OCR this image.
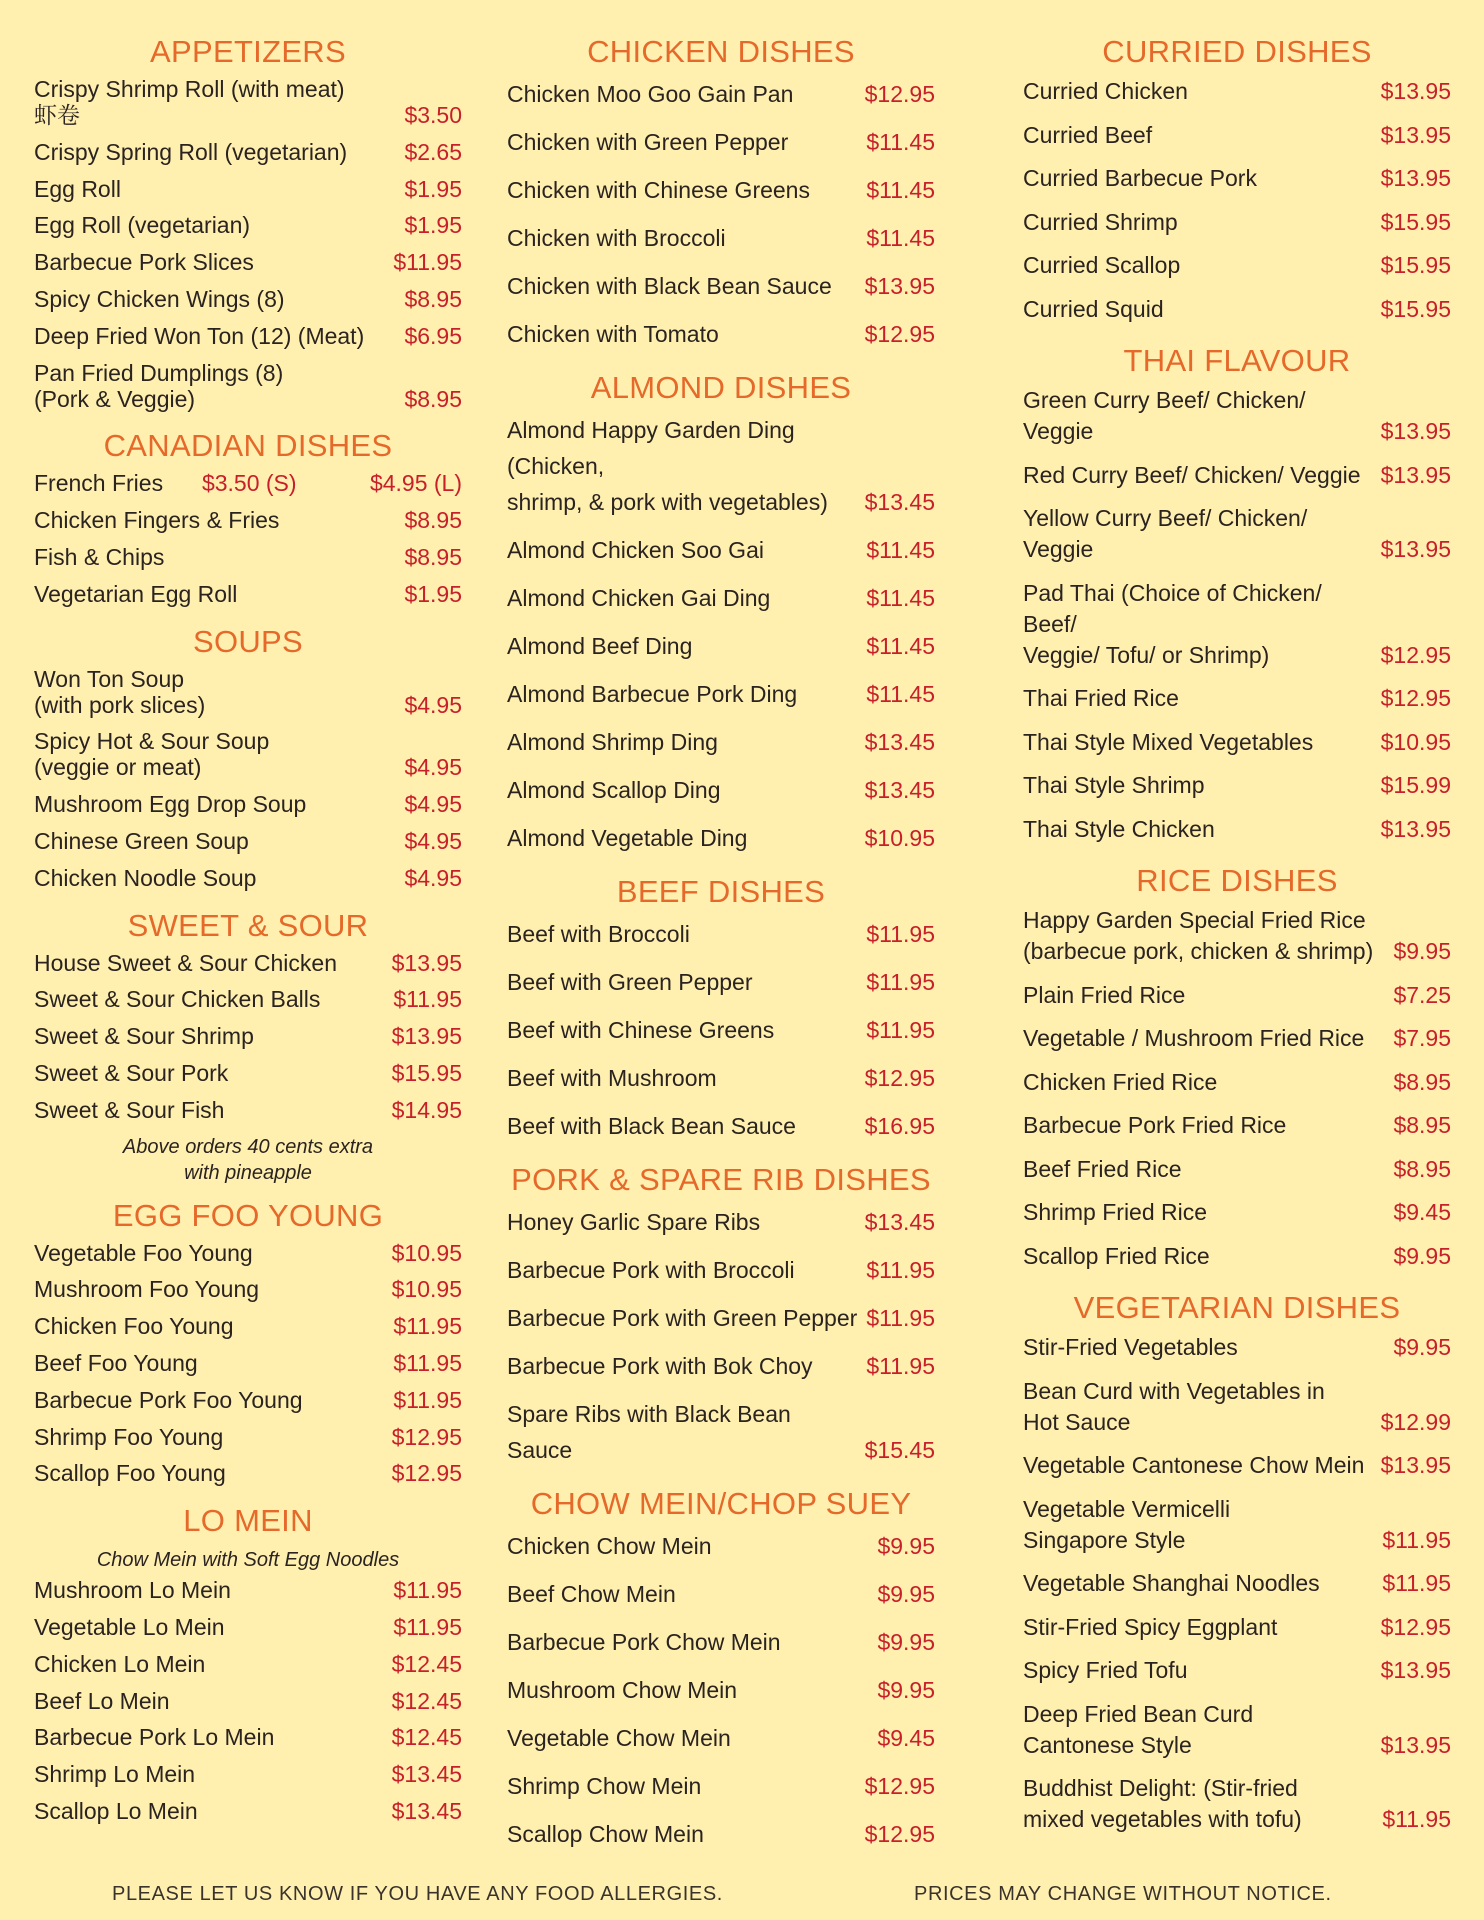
APPETIZERS
Crispy Shrimp Roll (with meat)
虾卷	$3.50
Crispy Spring Roll (vegetarian)	$2.65
Egg Roll	$1.95
Egg Roll (vegetarian)	$1.95
Barbecue Pork Slices	$11.95
Spicy Chicken Wings (8)	$8.95
Deep Fried Won Ton (12) (Meat)	$6.95
Pan Fried Dumplings (8)
(Pork & Veggie)	$8.95
CANADIAN DISHES
French Fries	$3.50 (S)	$4.95 (L)
Chicken Fingers & Fries	$8.95
Fish & Chips	$8.95
Vegetarian Egg Roll	$1.95
SOUPS
Won Ton Soup
(with pork slices)	$4.95
Spicy Hot & Sour Soup
(veggie or meat)	$4.95
Mushroom Egg Drop Soup	$4.95
Chinese Green Soup	$4.95
Chicken Noodle Soup	$4.95
SWEET & SOUR
House Sweet & Sour Chicken	$13.95
Sweet & Sour Chicken Balls	$11.95
Sweet & Sour Shrimp	$13.95
Sweet & Sour Pork	$15.95
Sweet & Sour Fish	$14.95
Above orders 40 cents extra
with pineapple
EGG FOO YOUNG
Vegetable Foo Young	$10.95
Mushroom Foo Young	$10.95
Chicken Foo Young	$11.95
Beef Foo Young	$11.95
Barbecue Pork Foo Young	$11.95
Shrimp Foo Young	$12.95
Scallop Foo Young	$12.95
LO MEIN
Chow Mein with Soft Egg Noodles
Mushroom Lo Mein	$11.95
Vegetable Lo Mein	$11.95
Chicken Lo Mein	$12.45
Beef Lo Mein	$12.45
Barbecue Pork Lo Mein	$12.45
Shrimp Lo Mein	$13.45
Scallop Lo Mein	$13.45
CHICKEN DISHES
Chicken Moo Goo Gain Pan	$12.95
Chicken with Green Pepper	$11.45
Chicken with Chinese Greens	$11.45
Chicken with Broccoli	$11.45
Chicken with Black Bean Sauce	$13.95
Chicken with Tomato	$12.95
ALMOND DISHES
Almond Happy Garden Ding (Chicken,
shrimp, & pork with vegetables)	$13.45
Almond Chicken Soo Gai	$11.45
Almond Chicken Gai Ding	$11.45
Almond Beef Ding	$11.45
Almond Barbecue Pork Ding	$11.45
Almond Shrimp Ding	$13.45
Almond Scallop Ding	$13.45
Almond Vegetable Ding	$10.95
BEEF DISHES
Beef with Broccoli	$11.95
Beef with Green Pepper	$11.95
Beef with Chinese Greens	$11.95
Beef with Mushroom	$12.95
Beef with Black Bean Sauce	$16.95
PORK & SPARE RIB DISHES
Honey Garlic Spare Ribs	$13.45
Barbecue Pork with Broccoli	$11.95
Barbecue Pork with Green Pepper $11.95
Barbecue Pork with Bok Choy	$11.95
Spare Ribs with Black Bean Sauce	$15.45
CHOW MEIN/CHOP SUEY
Chicken Chow Mein	$9.95
Beef Chow Mein	$9.95
Barbecue Pork Chow Mein	$9.95
Mushroom Chow Mein	$9.95
Vegetable Chow Mein	$9.45
Shrimp Chow Mein	$12.95
Scallop Chow Mein	$12.95
CURRIED DISHES
Curried Chicken	$13.95
Curried Beef	$13.95
Curried Barbecue Pork	$13.95
Curried Shrimp	$15.95
Curried Scallop	$15.95
Curried Squid	$15.95
THAI FLAVOUR
Green Curry Beef/ Chicken/
Veggie	$13.95
Red Curry Beef/ Chicken/ Veggie $13.95
Yellow Curry Beef/ Chicken/
Veggie	$13.95
Pad Thai (Choice of Chicken/ Beef/
Veggie/ Tofu/ or Shrimp)	$12.95
Thai Fried Rice	$12.95
Thai Style Mixed Vegetables	$10.95
Thai Style Shrimp	$15.99
Thai Style Chicken	$13.95
RICE DISHES
Happy Garden Special Fried Rice
(barbecue pork, chicken & shrimp) $9.95
Plain Fried Rice	$7.25
Vegetable / Mushroom Fried Rice	$7.95
Chicken Fried Rice	$8.95
Barbecue Pork Fried Rice	$8.95
Beef Fried Rice	$8.95
Shrimp Fried Rice	$9.45
Scallop Fried Rice	$9.95
VEGETARIAN DISHES
Stir-Fried Vegetables	$9.95
Bean Curd with Vegetables in
Hot Sauce	$12.99
Vegetable Cantonese Chow Mein $13.95
Vegetable Vermicelli
Singapore Style	$11.95
Vegetable Shanghai Noodles	$11.95
Stir-Fried Spicy Eggplant	$12.95
Spicy Fried Tofu	$13.95
Deep Fried Bean Curd
Cantonese Style	$13.95
Buddhist Delight: (Stir-fried
mixed vegetables with tofu)	$11.95
PLEASE LET US KNOW IF YOU HAVE ANY FOOD ALLERGIES.	PRICES MAY CHANGE WITHOUT NOTICE.
